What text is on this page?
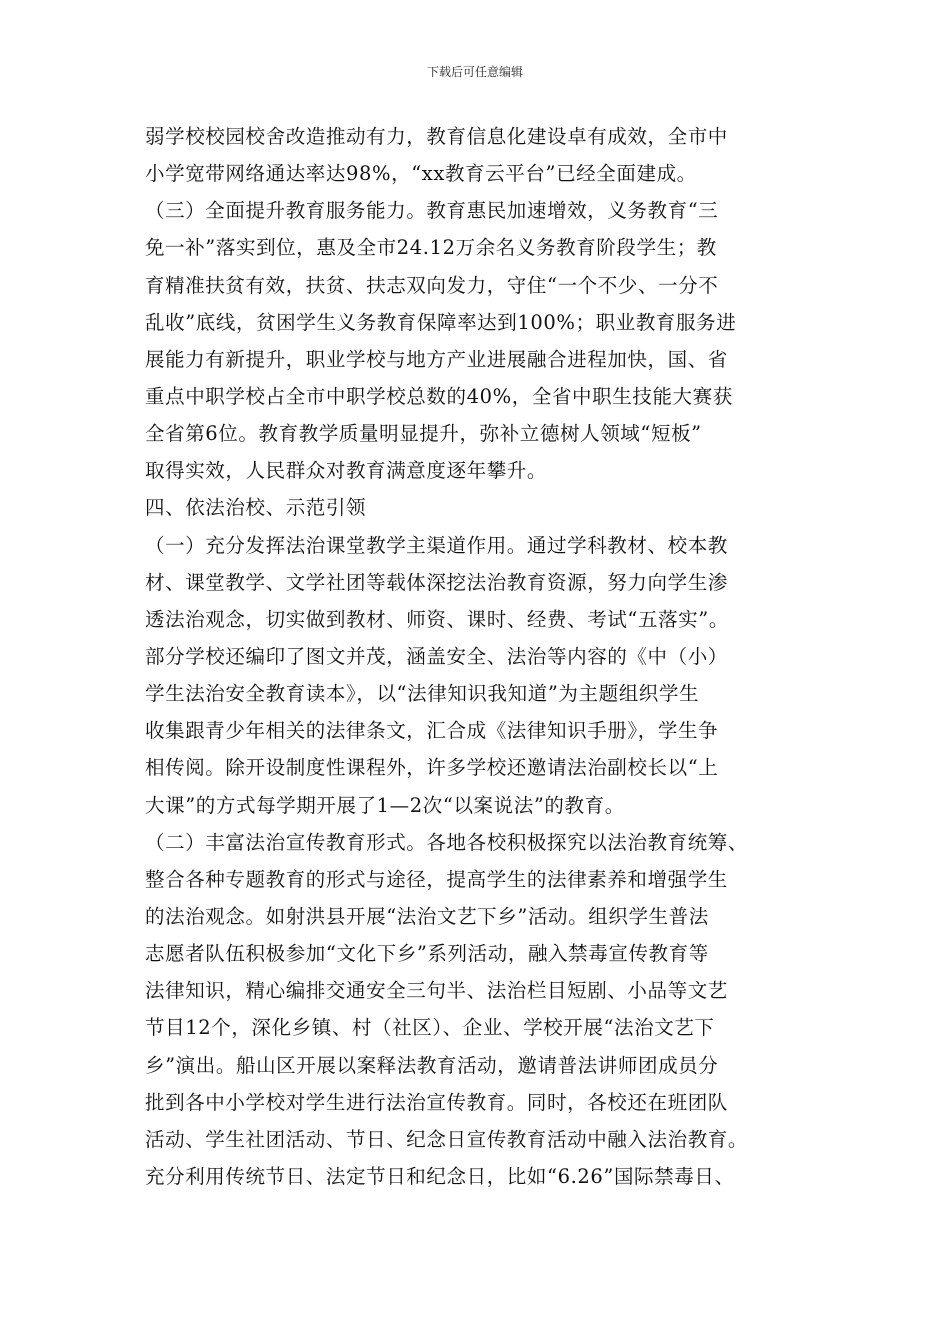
下载后可任意编辑
弱学校校园校舍改造推动有力，教育信息化建设卓有成效，全市中
小学宽带网络通达率达98%，“xx教育云平台”已经全面建成。
（三）全面提升教育服务能力。教育惠民加速增效，义务教育“三
免一补”落实到位，惠及全市24.12万余名义务教育阶段学生；教
育精准扶贫有效，扶贫、扶志双向发力，守住“一个不少、一分不
乱收”底线，贫困学生义务教育保障率达到100%；职业教育服务进
展能力有新提升，职业学校与地方产业进展融合进程加快，国、省
重点中职学校占全市中职学校总数的40%，全省中职生技能大赛获
全省第6位。教育教学质量明显提升，弥补立德树人领域“短板”
取得实效，人民群众对教育满意度逐年攀升。
四、依法治校、示范引领
（一）充分发挥法治课堂教学主渠道作用。通过学科教材、校本教
材、课堂教学、文学社团等载体深挖法治教育资源，努力向学生渗
透法治观念，切实做到教材、师资、课时、经费、考试“五落实”。
部分学校还编印了图文并茂，涵盖安全、法治等内容的《中（小）
学生法治安全教育读本》，以“法律知识我知道”为主题组织学生
收集跟青少年相关的法律条文，汇合成《法律知识手册》，学生争
相传阅。除开设制度性课程外，许多学校还邀请法治副校长以“上
大课”的方式每学期开展了1—2次“以案说法”的教育。
（二）丰富法治宣传教育形式。各地各校积极探究以法治教育统筹、
整合各种专题教育的形式与途径，提高学生的法律素养和增强学生
的法治观念。如射洪县开展“法治文艺下乡”活动。组织学生普法
志愿者队伍积极参加“文化下乡”系列活动，融入禁毒宣传教育等
法律知识，精心编排交通安全三句半、法治栏目短剧、小品等文艺
节目12个，深化乡镇、村（社区）、企业、学校开展“法治文艺下
乡”演出。船山区开展以案释法教育活动，邀请普法讲师团成员分
批到各中小学校对学生进行法治宣传教育。同时，各校还在班团队
活动、学生社团活动、节日、纪念日宣传教育活动中融入法治教育。
充分利用传统节日、法定节日和纪念日，比如“6.26”国际禁毒日、
